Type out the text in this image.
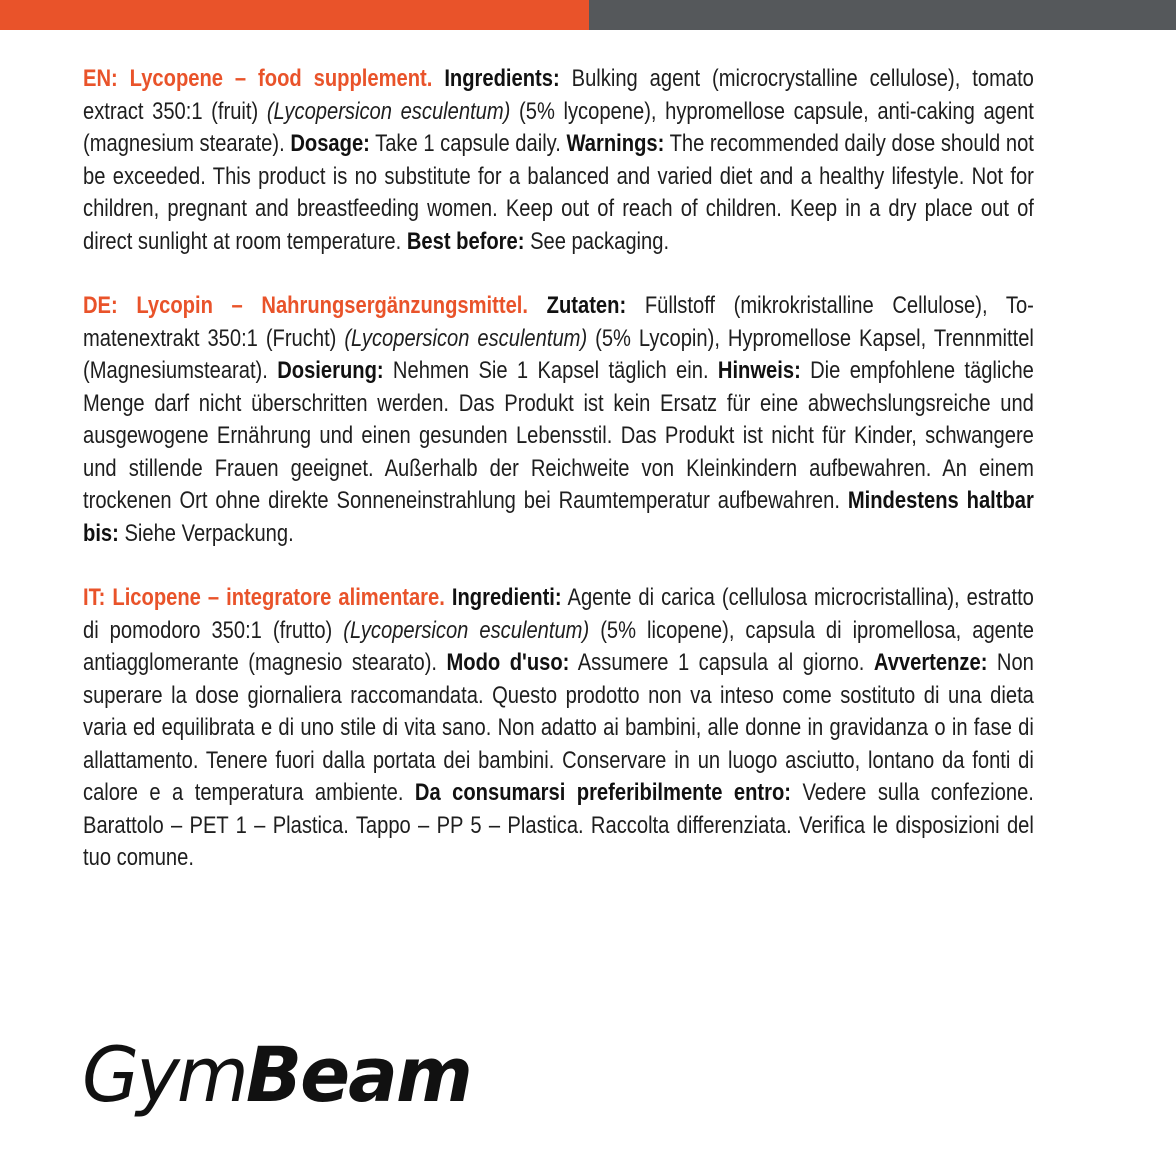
EN: Lycopene – food supplement. Ingredients: Bulking agent (microcrystalline cellulose), tomato extract 350:1 (fruit) (Lycopersicon esculentum) (5% lycopene), hypromellose capsule, anti-caking agent (magnesium stearate). Dosage: Take 1 capsule daily. Warnings: The recommended daily dose should not be exceeded. This product is no substitute for a balanced and varied diet and a healthy lifestyle. Not for children, pregnant and breastfeeding women. Keep out of reach of children. Keep in a dry place out of direct sunlight at room temperature. Best before: See packaging.

DE: Lycopin – Nahrungsergänzungsmittel. Zutaten: Füllstoff (mikrokristalline Cellulose), Tomatenextrakt 350:1 (Frucht) (Lycopersicon esculentum) (5% Lycopin), Hypromellose Kapsel, Trennmittel (Magnesiumstearat). Dosierung: Nehmen Sie 1 Kapsel täglich ein. Hinweis: Die empfohlene tägliche Menge darf nicht überschritten werden. Das Produkt ist kein Ersatz für eine abwechslungsreiche und ausgewogene Ernährung und einen gesunden Lebensstil. Das Produkt ist nicht für Kinder, schwangere und stillende Frauen geeignet. Außerhalb der Reichweite von Kleinkindern aufbewahren. An einem trockenen Ort ohne direkte Sonneneinstrahlung bei Raumtemperatur aufbewahren. Mindestens haltbar bis: Siehe Verpackung.

IT: Licopene – integratore alimentare. Ingredienti: Agente di carica (cellulosa microcristallina), estratto di pomodoro 350:1 (frutto) (Lycopersicon esculentum) (5% licopene), capsula di ipromellosa, agente antiagglomerante (magnesio stearato). Modo d'uso: Assumere 1 capsula al giorno. Avvertenze: Non superare la dose giornaliera raccomandata. Questo prodotto non va inteso come sostituto di una dieta varia ed equilibrata e di uno stile di vita sano. Non adatto ai bambini, alle donne in gravidanza o in fase di allattamento. Tenere fuori dalla portata dei bambini. Conservare in un luogo asciutto, lontano da fonti di calore e a temperatura ambiente. Da consumarsi preferibilmente entro: Vedere sulla confezione. Barattolo – PET 1 – Plastica. Tappo – PP 5 – Plastica. Raccolta differenziata. Verifica le disposizioni del tuo comune.

GymBeam
